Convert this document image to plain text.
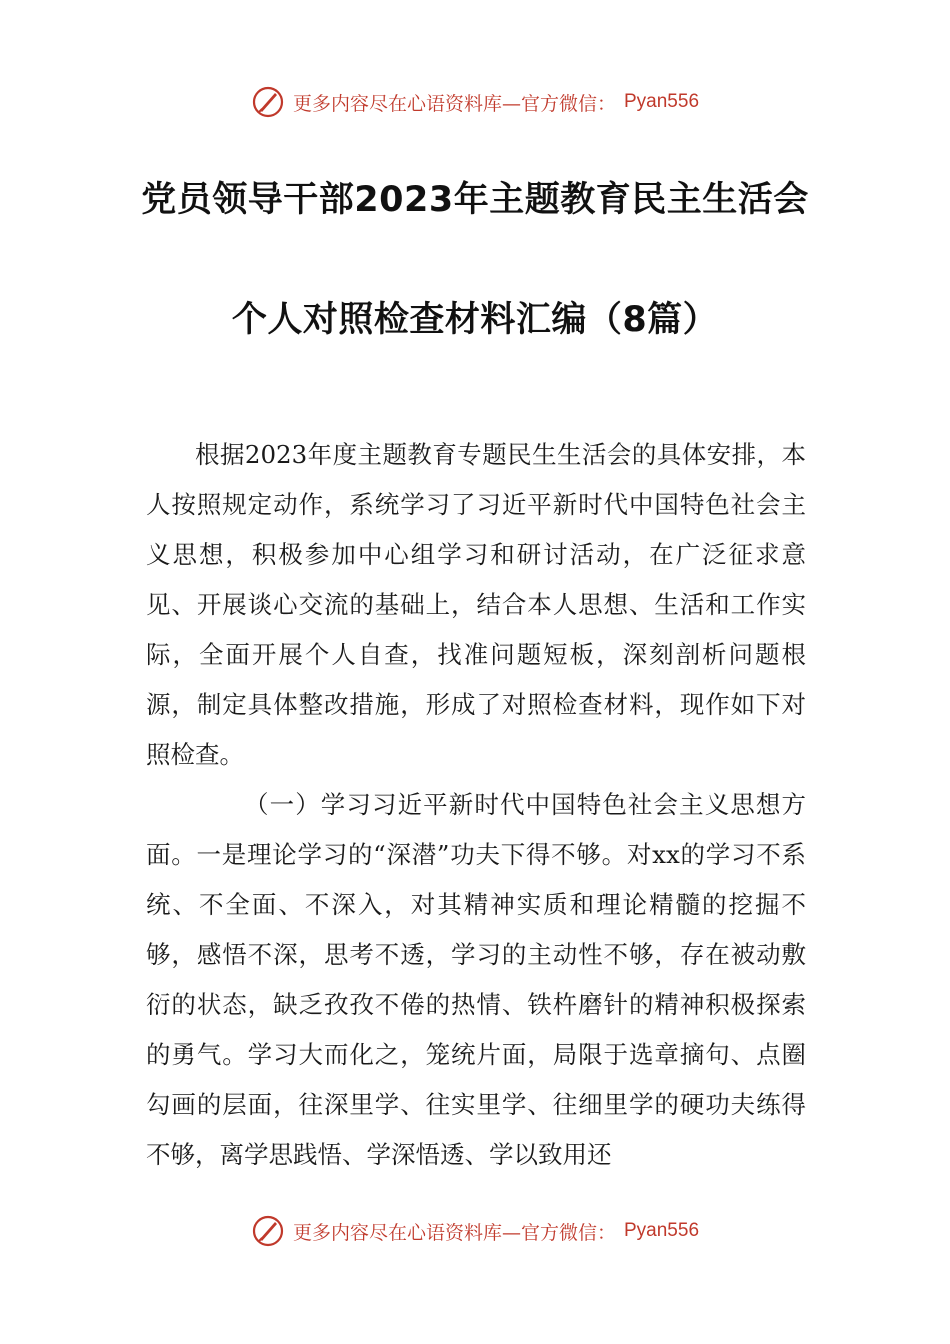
更多内容尽在心语资料库—官方微信： Pyan556
党员领导干部2023年主题教育民主生活会
个人对照检查材料汇编（8篇）

根据2023年度主题教育专题民生生活会的具体安排，本人按照规定动作，系统学习了习近平新时代中国特色社会主义思想，积极参加中心组学习和研讨活动，在广泛征求意见、开展谈心交流的基础上，结合本人思想、生活和工作实际，全面开展个人自查，找准问题短板，深刻剖析问题根源，制定具体整改措施，形成了对照检查材料，现作如下对照检查。

（一）学习习近平新时代中国特色社会主义思想方面。一是理论学习的“深潜”功夫下得不够。对xx的学习不系统、不全面、不深入，对其精神实质和理论精髓的挖掘不够，感悟不深，思考不透，学习的主动性不够，存在被动敷衍的状态，缺乏孜孜不倦的热情、铁杵磨针的精神积极探索的勇气。学习大而化之，笼统片面，局限于选章摘句、点圈勾画的层面，往深里学、往实里学、往细里学的硬功夫练得不够，离学思践悟、学深悟透、学以致用还

更多内容尽在心语资料库—官方微信： Pyan556
